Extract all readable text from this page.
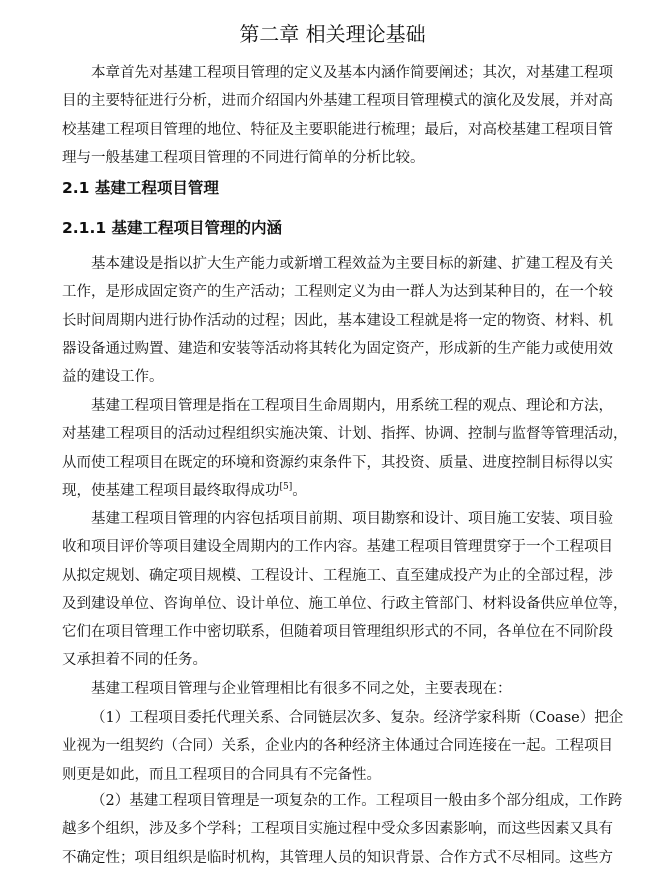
第二章 相关理论基础

本章首先对基建工程项目管理的定义及基本内涵作简要阐述；其次，对基建工程项
目的主要特征进行分析，进而介绍国内外基建工程项目管理模式的演化及发展，并对高
校基建工程项目管理的地位、特征及主要职能进行梳理；最后，对高校基建工程项目管
理与一般基建工程项目管理的不同进行简单的分析比较。

2.1 基建工程项目管理
2.1.1 基建工程项目管理的内涵

基本建设是指以扩大生产能力或新增工程效益为主要目标的新建、扩建工程及有关
工作，是形成固定资产的生产活动；工程则定义为由一群人为达到某种目的，在一个较
长时间周期内进行协作活动的过程；因此，基本建设工程就是将一定的物资、材料、机
器设备通过购置、建造和安装等活动将其转化为固定资产，形成新的生产能力或使用效
益的建设工作。

基建工程项目管理是指在工程项目生命周期内，用系统工程的观点、理论和方法，
对基建工程项目的活动过程组织实施决策、计划、指挥、协调、控制与监督等管理活动，
从而使工程项目在既定的环境和资源约束条件下，其投资、质量、进度控制目标得以实
现，使基建工程项目最终取得成功[5]。

基建工程项目管理的内容包括项目前期、项目勘察和设计、项目施工安装、项目验
收和项目评价等项目建设全周期内的工作内容。基建工程项目管理贯穿于一个工程项目
从拟定规划、确定项目规模、工程设计、工程施工、直至建成投产为止的全部过程，涉
及到建设单位、咨询单位、设计单位、施工单位、行政主管部门、材料设备供应单位等，
它们在项目管理工作中密切联系，但随着项目管理组织形式的不同，各单位在不同阶段
又承担着不同的任务。

基建工程项目管理与企业管理相比有很多不同之处，主要表现在：

（1）工程项目委托代理关系、合同链层次多、复杂。经济学家科斯（Coase）把企
业视为一组契约（合同）关系，企业内的各种经济主体通过合同连接在一起。工程项目
则更是如此，而且工程项目的合同具有不完备性。

（2）基建工程项目管理是一项复杂的工作。工程项目一般由多个部分组成，工作跨
越多个组织，涉及多个学科；工程项目实施过程中受众多因素影响，而这些因素又具有
不确定性；项目组织是临时机构，其管理人员的知识背景、合作方式不尽相同。这些方
